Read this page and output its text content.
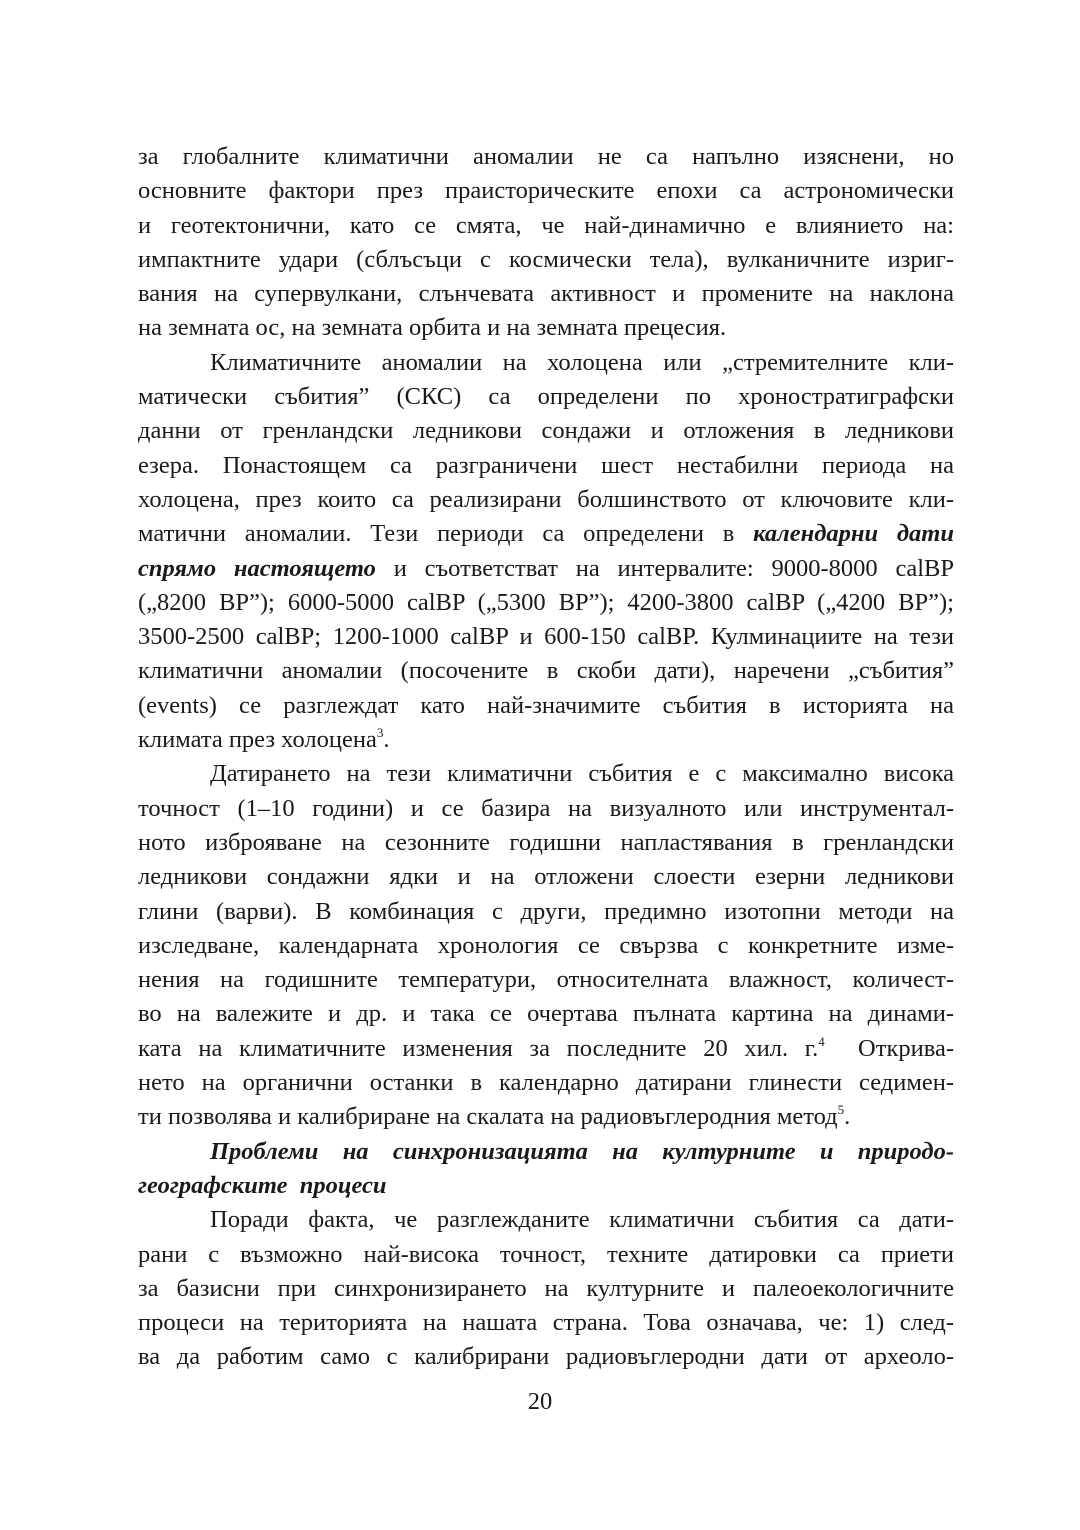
за глобалните климатични аномалии не са напълно изяснени, но
основните фактори през праисторическите епохи са астрономически
и геотектонични, като се смята, че най-динамично е влиянието на:
импактните удари (сблъсъци с космически тела), вулканичните изриг-
вания на супервулкани, слънчевата активност и промените на наклона
на земната ос, на земната орбита и на земната прецесия.
Климатичните аномалии на холоцена или „стремителните кли-
матически събития” (СКС) са определени по хроностратиграфски
данни от гренландски ледникови сондажи и отложения в ледникови
езера. Понастоящем са разграничени шест нестабилни периода на
холоцена, през които са реализирани болшинството от ключовите кли-
матични аномалии. Тези периоди са определени в календарни дати
спрямо настоящето и съответстват на интервалите: 9000-8000 calBP
(„8200 BP”); 6000-5000 calBP („5300 BP”); 4200-3800 calBP („4200 BP”);
3500-2500 calBP; 1200-1000 calBP и 600-150 calBP. Кулминациите на тези
климатични аномалии (посочените в скоби дати), наречени „събития”
(events) се разглеждат като най-значимите събития в историята на
климата през холоцена$^3$.
Датирането на тези климатични събития е с максимално висока
точност (1–10 години) и се базира на визуалното или инструментал-
ното изброяване на сезонните годишни напластявания в гренландски
ледникови сондажни ядки и на отложени слоести езерни ледникови
глини (варви). В комбинация с други, предимно изотопни методи на
изследване, календарната хронология се свързва с конкретните изме-
нения на годишните температури, относителната влажност, количест-
во на валежите и др. и така се очертава пълната картина на динами-
ката на климатичните изменения за последните 20 хил. г.$^4$  Открива-
нето на органични останки в календарно датирани глинести седимен-
ти позволява и калибриране на скалата на радиовъглеродния метод$^5$.
Проблеми на синхронизацията на културните и природо-
географските  процеси
Поради факта, че разглежданите климатични събития са дати-
рани с възможно най-висока точност, техните датировки са приети
за базисни при синхронизирането на културните и палеоекологичните
процеси на територията на нашата страна. Това означава, че: 1) след-
ва да работим само с калибрирани радиовъглеродни дати от археоло-
20
